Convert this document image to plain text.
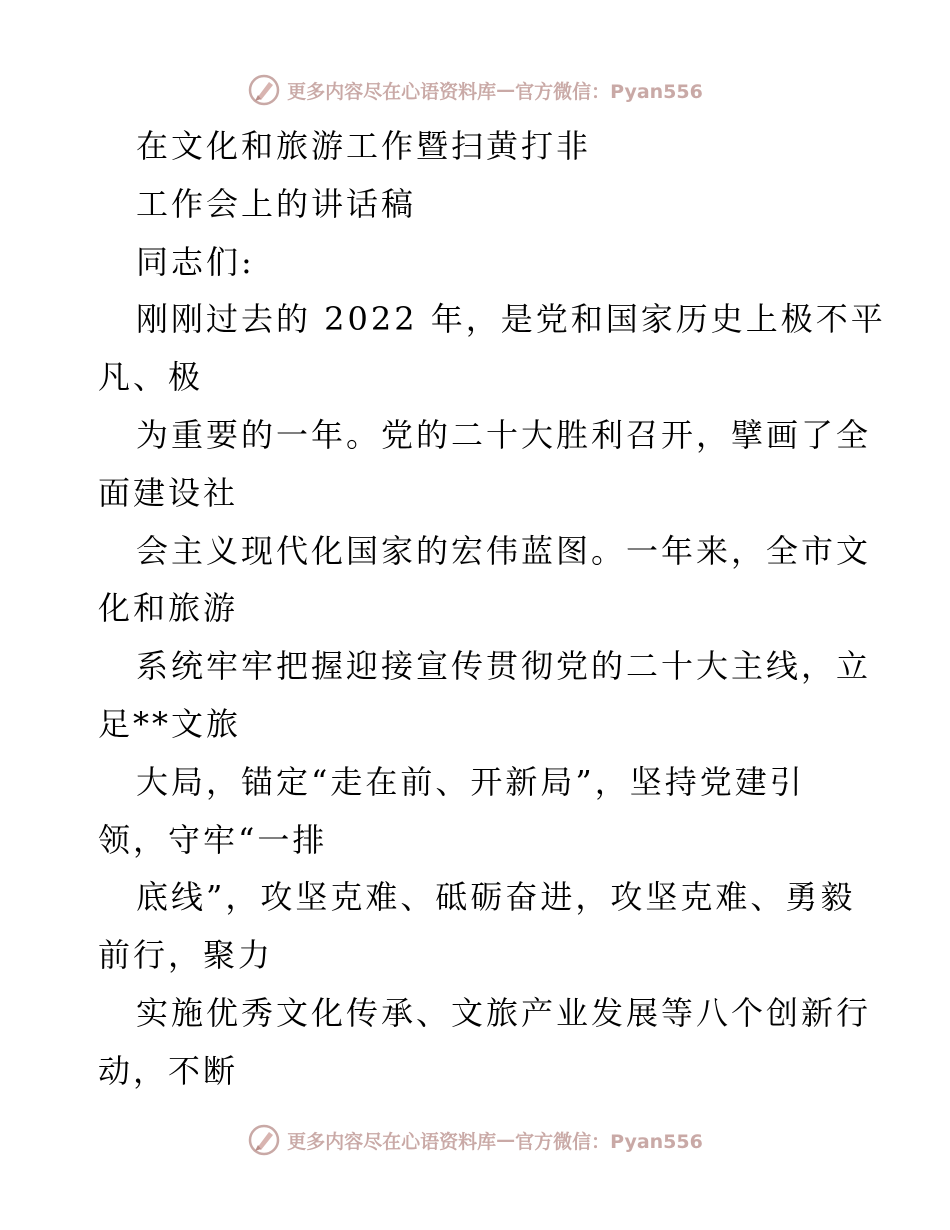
更多内容尽在心语资料库 — 官方微信：Pyan556
在文化和旅游工作暨扫黄打非
工作会上的讲话稿
同志们:
刚刚过去的 2022 年，是党和国家历史上极不平
凡、极
为重要的一年。党的二十大胜利召开，擘画了全
面建设社
会主义现代化国家的宏伟蓝图。一年来，全市文
化和旅游
系统牢牢把握迎接宣传贯彻党的二十大主线，立
足**文旅
大局，锚定“走在前、开新局”，坚持党建引
领，守牢“一排
底线”，攻坚克难、砥砺奋进，攻坚克难、勇毅
前行，聚力
实施优秀文化传承、文旅产业发展等八个创新行
动，不断
更多内容尽在心语资料库 — 官方微信：Pyan556
